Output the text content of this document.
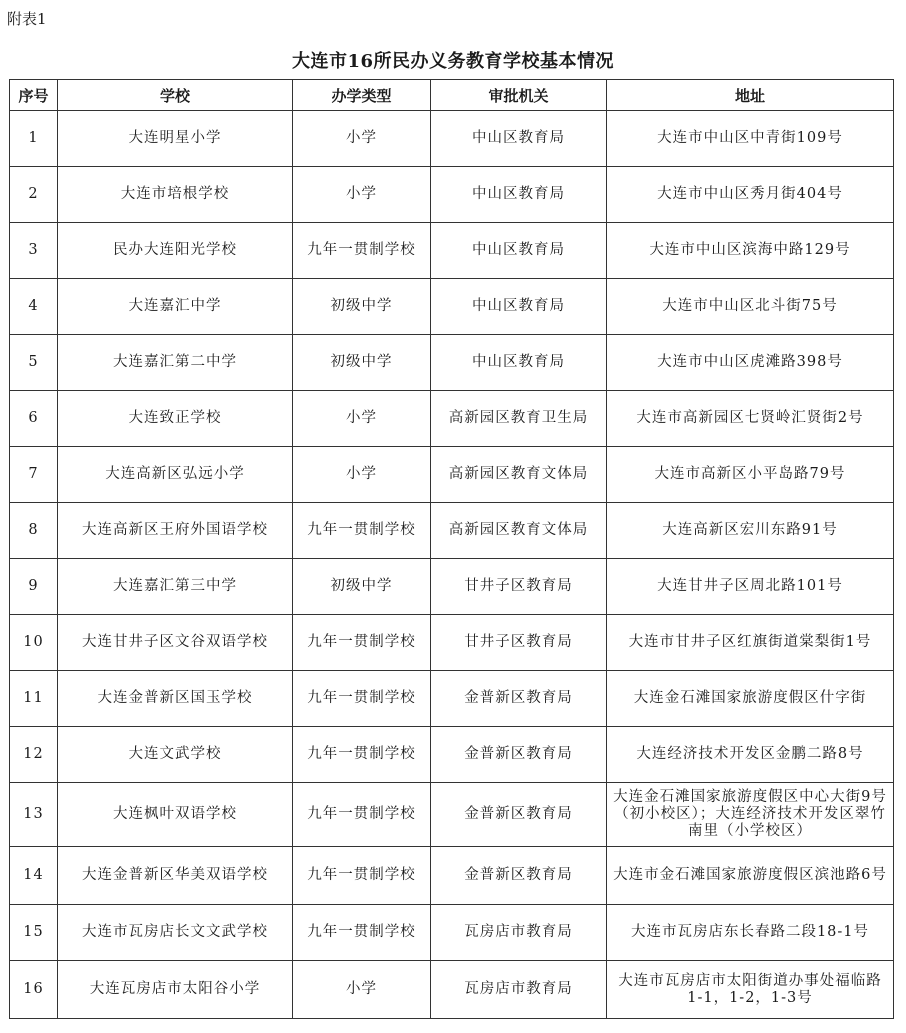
附表1
大连市16所民办义务教育学校基本情况
序号	学校	办学类型	审批机关	地址
1	大连明星小学	小学	中山区教育局	大连市中山区中青街109号
2	大连市培根学校	小学	中山区教育局	大连市中山区秀月街404号
3	民办大连阳光学校	九年一贯制学校	中山区教育局	大连市中山区滨海中路129号
4	大连嘉汇中学	初级中学	中山区教育局	大连市中山区北斗街75号
5	大连嘉汇第二中学	初级中学	中山区教育局	大连市中山区虎滩路398号
6	大连致正学校	小学	高新园区教育卫生局	大连市高新园区七贤岭汇贤街2号
7	大连高新区弘远小学	小学	高新园区教育文体局	大连市高新区小平岛路79号
8	大连高新区王府外国语学校	九年一贯制学校	高新园区教育文体局	大连高新区宏川东路91号
9	大连嘉汇第三中学	初级中学	甘井子区教育局	大连甘井子区周北路101号
10	大连甘井子区文谷双语学校	九年一贯制学校	甘井子区教育局	大连市甘井子区红旗街道棠梨街1号
11	大连金普新区国玉学校	九年一贯制学校	金普新区教育局	大连金石滩国家旅游度假区什字街
12	大连文武学校	九年一贯制学校	金普新区教育局	大连经济技术开发区金鹏二路8号
13	大连枫叶双语学校	九年一贯制学校	金普新区教育局	大连金石滩国家旅游度假区中心大街9号（初小校区）；大连经济技术开发区翠竹南里（小学校区）
14	大连金普新区华美双语学校	九年一贯制学校	金普新区教育局	大连市金石滩国家旅游度假区滨池路6号
15	大连市瓦房店长文文武学校	九年一贯制学校	瓦房店市教育局	大连市瓦房店东长春路二段18-1号
16	大连瓦房店市太阳谷小学	小学	瓦房店市教育局	大连市瓦房店市太阳街道办事处福临路1-1，1-2，1-3号
